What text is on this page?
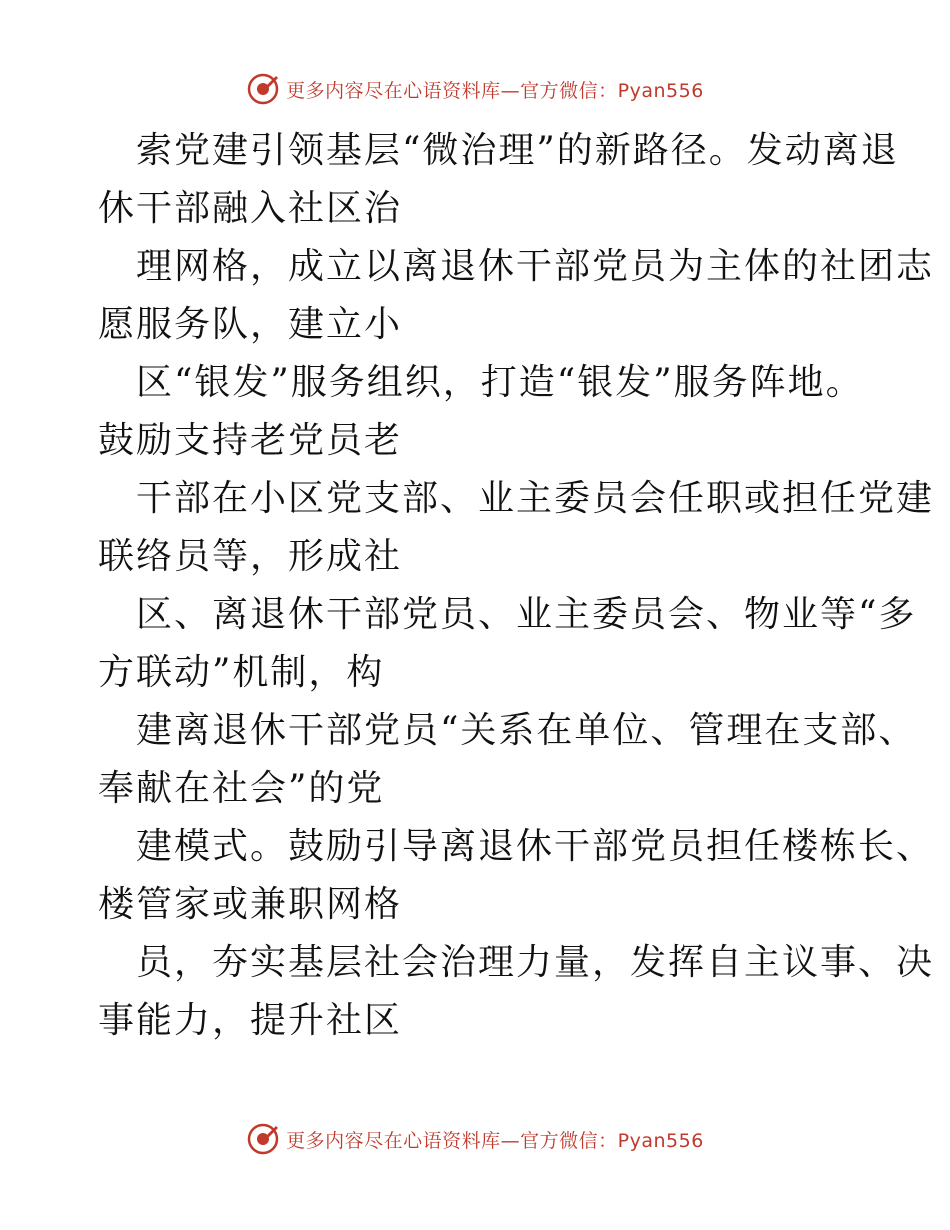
更多内容尽在心语资料库—官方微信：Pyan556

索党建引领基层“微治理”的新路径。发动离退
休干部融入社区治

理网格，成立以离退休干部党员为主体的社团志
愿服务队，建立小

区“银发”服务组织，打造“银发”服务阵地。
鼓励支持老党员老

干部在小区党支部、业主委员会任职或担任党建
联络员等，形成社

区、离退休干部党员、业主委员会、物业等“多
方联动”机制，构

建离退休干部党员“关系在单位、管理在支部、
奉献在社会”的党

建模式。鼓励引导离退休干部党员担任楼栋长、
楼管家或兼职网格

员，夯实基层社会治理力量，发挥自主议事、决
事能力，提升社区

更多内容尽在心语资料库—官方微信：Pyan556
